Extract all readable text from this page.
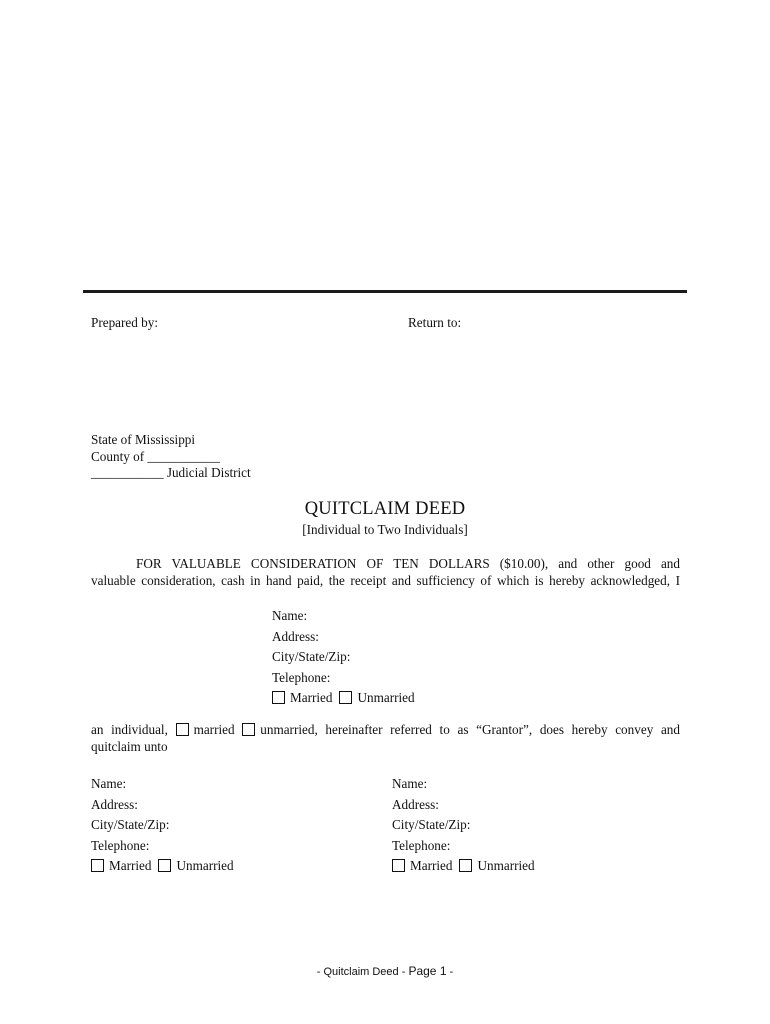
Prepared by:	Return to:
State of Mississippi
County of ___________
___________ Judicial District
QUITCLAIM DEED
[Individual to Two Individuals]
FOR VALUABLE CONSIDERATION OF TEN DOLLARS ($10.00), and other good and
valuable consideration, cash in hand paid, the receipt and sufficiency of which is hereby acknowledged, I
Name:
Address:
City/State/Zip:
Telephone:
Married Unmarried
an individual, married unmarried, hereinafter referred to as “Grantor”, does hereby convey and
quitclaim unto
Name:
Address:
City/State/Zip:
Telephone:
Married Unmarried
Name:
Address:
City/State/Zip:
Telephone:
Married Unmarried
- Quitclaim Deed - Page 1 -
